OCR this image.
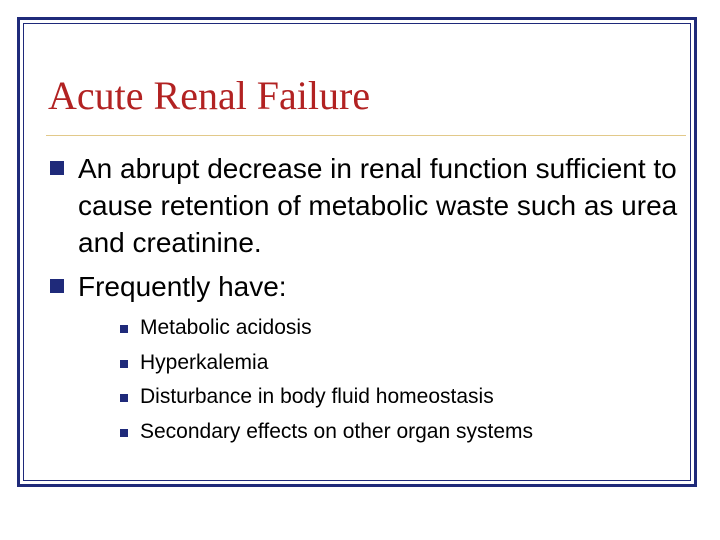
Acute Renal Failure
An abrupt decrease in renal function sufficient to cause retention of metabolic waste such as urea and creatinine.
Frequently have:
Metabolic acidosis
Hyperkalemia
Disturbance in body fluid homeostasis
Secondary effects on other organ systems
